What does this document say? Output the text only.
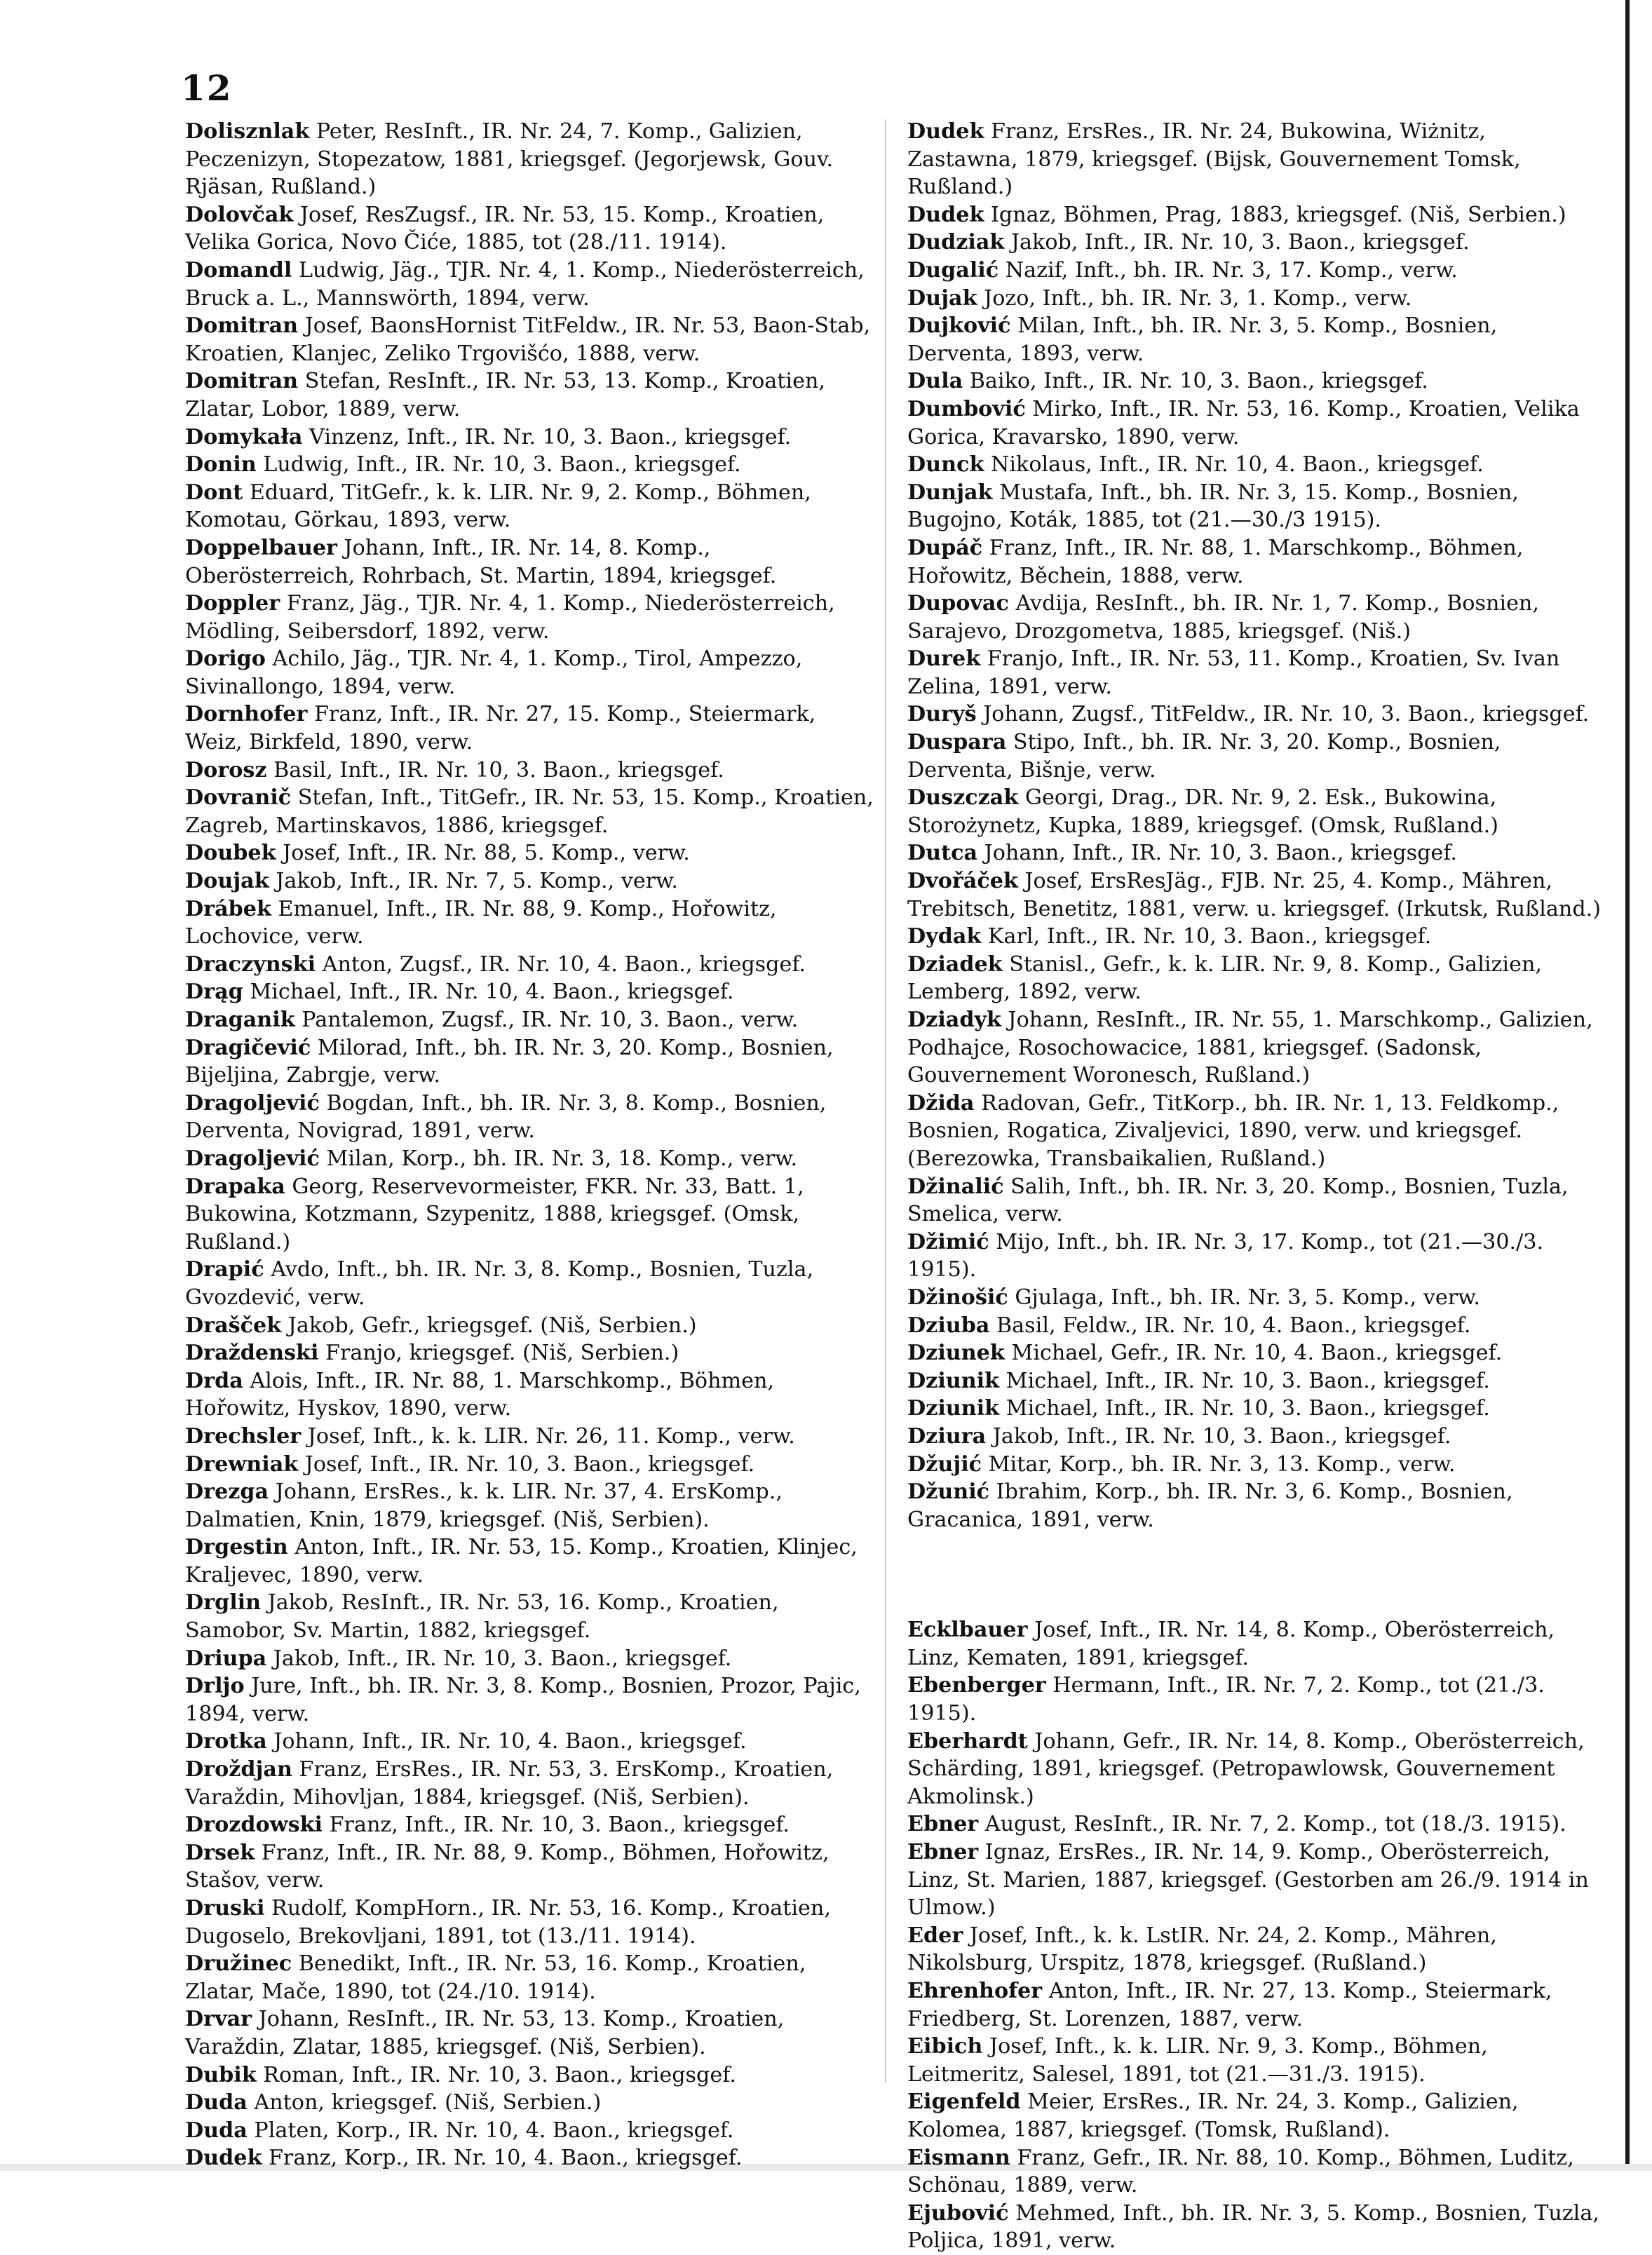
12

Dolisznlak Peter, ResInft., IR. Nr. 24, 7. Komp., Galizien, Peczenizyn, Stopezatow, 1881, kriegsgef. (Jegorjewsk, Gouv. Rjäsan, Rußland.)

Dolovčak Josef, ResZugsf., IR. Nr. 53, 15. Komp., Kroatien, Velika Gorica, Novo Čiće, 1885, tot (28./11. 1914).

Domandl Ludwig, Jäg., TJR. Nr. 4, 1. Komp., Niederösterreich, Bruck a. L., Mannswörth, 1894, verw.

Domitran Josef, BaonsHornist TitFeldw., IR. Nr. 53, Baon-Stab, Kroatien, Klanjec, Zeliko Trgovišćo, 1888, verw.

Domitran Stefan, ResInft., IR. Nr. 53, 13. Komp., Kroatien, Zlatar, Lobor, 1889, verw.

Domykała Vinzenz, Inft., IR. Nr. 10, 3. Baon., kriegsgef.

Donin Ludwig, Inft., IR. Nr. 10, 3. Baon., kriegsgef.

Dont Eduard, TitGefr., k. k. LIR. Nr. 9, 2. Komp., Böhmen, Komotau, Görkau, 1893, verw.

Doppelbauer Johann, Inft., IR. Nr. 14, 8. Komp., Oberösterreich, Rohrbach, St. Martin, 1894, kriegsgef.

Doppler Franz, Jäg., TJR. Nr. 4, 1. Komp., Niederösterreich, Mödling, Seibersdorf, 1892, verw.

Dorigo Achilo, Jäg., TJR. Nr. 4, 1. Komp., Tirol, Ampezzo, Sivinallongo, 1894, verw.

Dornhofer Franz, Inft., IR. Nr. 27, 15. Komp., Steiermark, Weiz, Birkfeld, 1890, verw.

Dorosz Basil, Inft., IR. Nr. 10, 3. Baon., kriegsgef.

Dovranič Stefan, Inft., TitGefr., IR. Nr. 53, 15. Komp., Kroatien, Zagreb, Martinskavos, 1886, kriegsgef.

Doubek Josef, Inft., IR. Nr. 88, 5. Komp., verw.

Doujak Jakob, Inft., IR. Nr. 7, 5. Komp., verw.

Drábek Emanuel, Inft., IR. Nr. 88, 9. Komp., Hořowitz, Lochovice, verw.

Draczynski Anton, Zugsf., IR. Nr. 10, 4. Baon., kriegsgef.

Drąg Michael, Inft., IR. Nr. 10, 4. Baon., kriegsgef.

Draganik Pantalemon, Zugsf., IR. Nr. 10, 3. Baon., verw.

Dragičević Milorad, Inft., bh. IR. Nr. 3, 20. Komp., Bosnien, Bijeljina, Zabrgje, verw.

Dragoljević Bogdan, Inft., bh. IR. Nr. 3, 8. Komp., Bosnien, Derventa, Novigrad, 1891, verw.

Dragoljević Milan, Korp., bh. IR. Nr. 3, 18. Komp., verw.

Drapaka Georg, Reservevormeister, FKR. Nr. 33, Batt. 1, Bukowina, Kotzmann, Szypenitz, 1888, kriegsgef. (Omsk, Rußland.)

Drapić Avdo, Inft., bh. IR. Nr. 3, 8. Komp., Bosnien, Tuzla, Gvozdević, verw.

Drašček Jakob, Gefr., kriegsgef. (Niš, Serbien.)

Draždenski Franjo, kriegsgef. (Niš, Serbien.)

Drda Alois, Inft., IR. Nr. 88, 1. Marschkomp., Böhmen, Hořowitz, Hyskov, 1890, verw.

Drechsler Josef, Inft., k. k. LIR. Nr. 26, 11. Komp., verw.

Drewniak Josef, Inft., IR. Nr. 10, 3. Baon., kriegsgef.

Drezga Johann, ErsRes., k. k. LIR. Nr. 37, 4. ErsKomp., Dalmatien, Knin, 1879, kriegsgef. (Niš, Serbien).

Drgestin Anton, Inft., IR. Nr. 53, 15. Komp., Kroatien, Klinjec, Kraljevec, 1890, verw.

Drglin Jakob, ResInft., IR. Nr. 53, 16. Komp., Kroatien, Samobor, Sv. Martin, 1882, kriegsgef.

Driupa Jakob, Inft., IR. Nr. 10, 3. Baon., kriegsgef.

Drljo Jure, Inft., bh. IR. Nr. 3, 8. Komp., Bosnien, Prozor, Pajic, 1894, verw.

Drotka Johann, Inft., IR. Nr. 10, 4. Baon., kriegsgef.

Droždjan Franz, ErsRes., IR. Nr. 53, 3. ErsKomp., Kroatien, Varaždin, Mihovljan, 1884, kriegsgef. (Niš, Serbien).

Drozdowski Franz, Inft., IR. Nr. 10, 3. Baon., kriegsgef.

Drsek Franz, Inft., IR. Nr. 88, 9. Komp., Böhmen, Hořowitz, Stašov, verw.

Druski Rudolf, KompHorn., IR. Nr. 53, 16. Komp., Kroatien, Dugoselo, Brekovljani, 1891, tot (13./11. 1914).

Družinec Benedikt, Inft., IR. Nr. 53, 16. Komp., Kroatien, Zlatar, Mače, 1890, tot (24./10. 1914).

Drvar Johann, ResInft., IR. Nr. 53, 13. Komp., Kroatien, Varaždin, Zlatar, 1885, kriegsgef. (Niš, Serbien).

Dubik Roman, Inft., IR. Nr. 10, 3. Baon., kriegsgef.

Duda Anton, kriegsgef. (Niš, Serbien.)

Duda Platen, Korp., IR. Nr. 10, 4. Baon., kriegsgef.

Dudek Franz, Korp., IR. Nr. 10, 4. Baon., kriegsgef.

Dudek Franz, ErsRes., IR. Nr. 24, Bukowina, Wiżnitz, Zastawna, 1879, kriegsgef. (Bijsk, Gouvernement Tomsk, Rußland.)

Dudek Ignaz, Böhmen, Prag, 1883, kriegsgef. (Niš, Serbien.)

Dudziak Jakob, Inft., IR. Nr. 10, 3. Baon., kriegsgef.

Dugalić Nazif, Inft., bh. IR. Nr. 3, 17. Komp., verw.

Dujak Jozo, Inft., bh. IR. Nr. 3, 1. Komp., verw.

Dujković Milan, Inft., bh. IR. Nr. 3, 5. Komp., Bosnien, Derventa, 1893, verw.

Dula Baiko, Inft., IR. Nr. 10, 3. Baon., kriegsgef.

Dumbović Mirko, Inft., IR. Nr. 53, 16. Komp., Kroatien, Velika Gorica, Kravarsko, 1890, verw.

Dunck Nikolaus, Inft., IR. Nr. 10, 4. Baon., kriegsgef.

Dunjak Mustafa, Inft., bh. IR. Nr. 3, 15. Komp., Bosnien, Bugojno, Koták, 1885, tot (21.—30./3 1915).

Dupáč Franz, Inft., IR. Nr. 88, 1. Marschkomp., Böhmen, Hořowitz, Běchein, 1888, verw.

Dupovac Avdija, ResInft., bh. IR. Nr. 1, 7. Komp., Bosnien, Sarajevo, Drozgometva, 1885, kriegsgef. (Niš.)

Durek Franjo, Inft., IR. Nr. 53, 11. Komp., Kroatien, Sv. Ivan Zelina, 1891, verw.

Duryš Johann, Zugsf., TitFeldw., IR. Nr. 10, 3. Baon., kriegsgef.

Duspara Stipo, Inft., bh. IR. Nr. 3, 20. Komp., Bosnien, Derventa, Bišnje, verw.

Duszczak Georgi, Drag., DR. Nr. 9, 2. Esk., Bukowina, Storożynetz, Kupka, 1889, kriegsgef. (Omsk, Rußland.)

Dutca Johann, Inft., IR. Nr. 10, 3. Baon., kriegsgef.

Dvořáček Josef, ErsResJäg., FJB. Nr. 25, 4. Komp., Mähren, Trebitsch, Benetitz, 1881, verw. u. kriegsgef. (Irkutsk, Rußland.)

Dydak Karl, Inft., IR. Nr. 10, 3. Baon., kriegsgef.

Dziadek Stanisl., Gefr., k. k. LIR. Nr. 9, 8. Komp., Galizien, Lemberg, 1892, verw.

Dziadyk Johann, ResInft., IR. Nr. 55, 1. Marschkomp., Galizien, Podhajce, Rosochowacice, 1881, kriegsgef. (Sadonsk, Gouvernement Woronesch, Rußland.)

Džida Radovan, Gefr., TitKorp., bh. IR. Nr. 1, 13. Feldkomp., Bosnien, Rogatica, Zivaljevici, 1890, verw. und kriegsgef. (Berezowka, Transbaikalien, Rußland.)

Džinalić Salih, Inft., bh. IR. Nr. 3, 20. Komp., Bosnien, Tuzla, Smelica, verw.

Džimić Mijo, Inft., bh. IR. Nr. 3, 17. Komp., tot (21.—30./3. 1915).

Džinošić Gjulaga, Inft., bh. IR. Nr. 3, 5. Komp., verw.

Dziuba Basil, Feldw., IR. Nr. 10, 4. Baon., kriegsgef.

Dziunek Michael, Gefr., IR. Nr. 10, 4. Baon., kriegsgef.

Dziunik Michael, Inft., IR. Nr. 10, 3. Baon., kriegsgef.

Dziunik Michael, Inft., IR. Nr. 10, 3. Baon., kriegsgef.

Dziura Jakob, Inft., IR. Nr. 10, 3. Baon., kriegsgef.

Džujić Mitar, Korp., bh. IR. Nr. 3, 13. Komp., verw.

Džunić Ibrahim, Korp., bh. IR. Nr. 3, 6. Komp., Bosnien, Gracanica, 1891, verw.

Ecklbauer Josef, Inft., IR. Nr. 14, 8. Komp., Oberösterreich, Linz, Kematen, 1891, kriegsgef.

Ebenberger Hermann, Inft., IR. Nr. 7, 2. Komp., tot (21./3. 1915).

Eberhardt Johann, Gefr., IR. Nr. 14, 8. Komp., Oberösterreich, Schärding, 1891, kriegsgef. (Petropawlowsk, Gouvernement Akmolinsk.)

Ebner August, ResInft., IR. Nr. 7, 2. Komp., tot (18./3. 1915).

Ebner Ignaz, ErsRes., IR. Nr. 14, 9. Komp., Oberösterreich, Linz, St. Marien, 1887, kriegsgef. (Gestorben am 26./9. 1914 in Ulmow.)

Eder Josef, Inft., k. k. LstIR. Nr. 24, 2. Komp., Mähren, Nikolsburg, Urspitz, 1878, kriegsgef. (Rußland.)

Ehrenhofer Anton, Inft., IR. Nr. 27, 13. Komp., Steiermark, Friedberg, St. Lorenzen, 1887, verw.

Eibich Josef, Inft., k. k. LIR. Nr. 9, 3. Komp., Böhmen, Leitmeritz, Salesel, 1891, tot (21.—31./3. 1915).

Eigenfeld Meier, ErsRes., IR. Nr. 24, 3. Komp., Galizien, Kolomea, 1887, kriegsgef. (Tomsk, Rußland).

Eismann Franz, Gefr., IR. Nr. 88, 10. Komp., Böhmen, Luditz, Schönau, 1889, verw.

Ejubović Mehmed, Inft., bh. IR. Nr. 3, 5. Komp., Bosnien, Tuzla, Poljica, 1891, verw.
